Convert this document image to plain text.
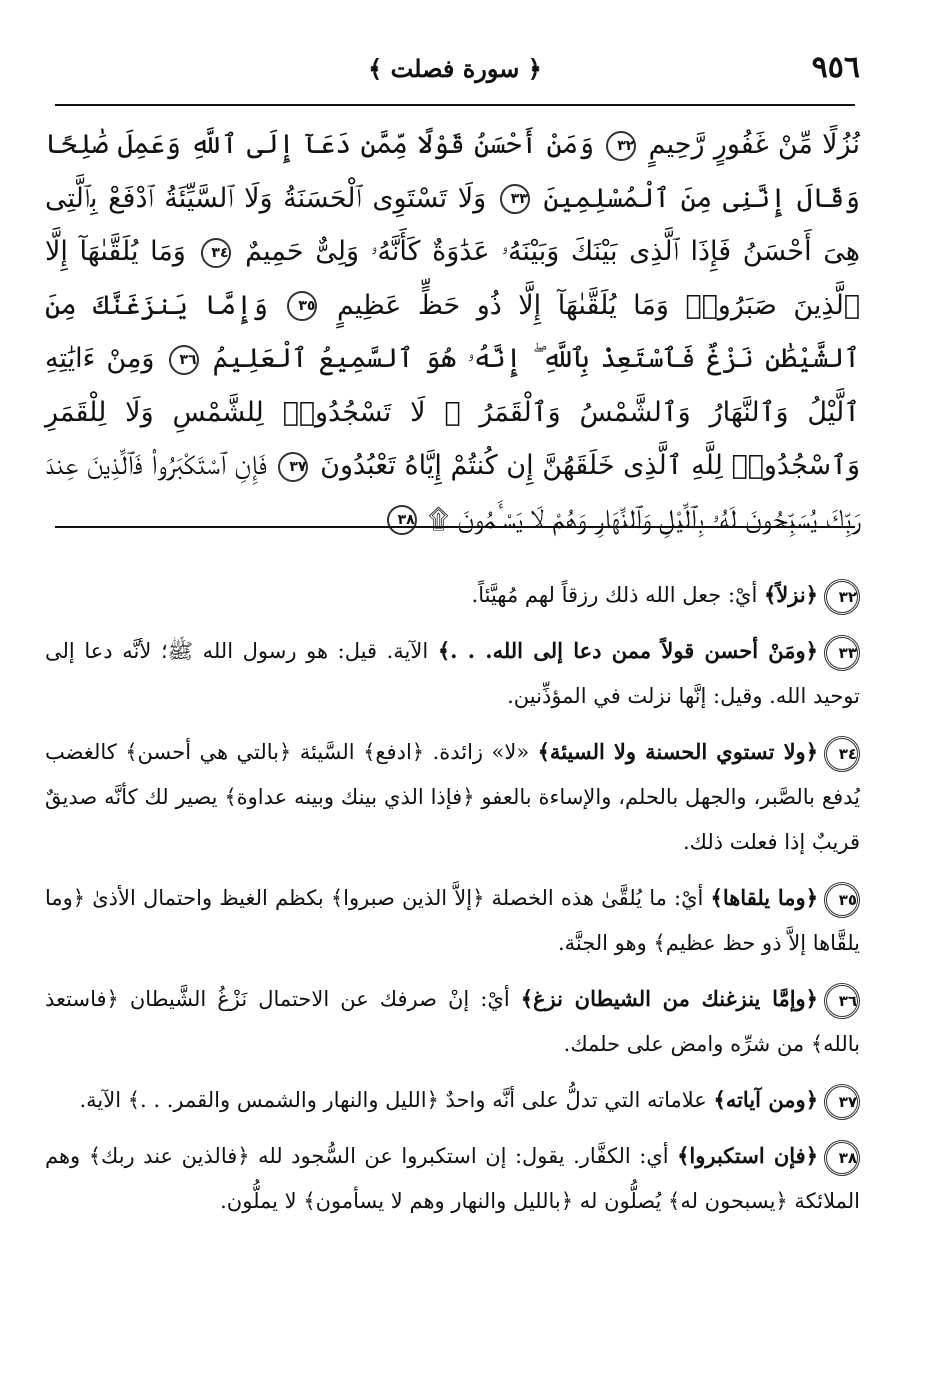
٩٥٦
﴿ سورة فصلت ﴾
نُزُلًا مِّنْ غَفُورٍ رَّحِيمٍ ٣٢ وَمَنْ أَحْسَنُ قَوْلًا مِّمَّن دَعَآ إِلَى ٱللَّهِ وَعَمِلَ صَٰلِحًا وَقَالَ إِنَّنِى مِنَ ٱلْمُسْلِمِينَ ٣٣ وَلَا تَسْتَوِى ٱلْحَسَنَةُ وَلَا ٱلسَّيِّئَةُ ٱدْفَعْ بِٱلَّتِى هِىَ أَحْسَنُ فَإِذَا ٱلَّذِى بَيْنَكَ وَبَيْنَهُۥ عَدَٰوَةٌ كَأَنَّهُۥ وَلِىٌّ حَمِيمٌ ٣٤ وَمَا يُلَقَّىٰهَآ إِلَّا ٱلَّذِينَ صَبَرُوا۟ وَمَا يُلَقَّىٰهَآ إِلَّا ذُو حَظٍّ عَظِيمٍ ٣٥ وَإِمَّا يَنزَغَنَّكَ مِنَ ٱلشَّيْطَٰنِ نَزْغٌ فَٱسْتَعِذْ بِٱللَّهِ ۖ إِنَّهُۥ هُوَ ٱلسَّمِيعُ ٱلْعَلِيمُ ٣٦ وَمِنْ ءَايَٰتِهِ ٱلَّيْلُ وَٱلنَّهَارُ وَٱلشَّمْسُ وَٱلْقَمَرُ ۚ لَا تَسْجُدُوا۟ لِلشَّمْسِ وَلَا لِلْقَمَرِ وَٱسْجُدُوا۟ لِلَّهِ ٱلَّذِى خَلَقَهُنَّ إِن كُنتُمْ إِيَّاهُ تَعْبُدُونَ ٣٧ فَإِنِ ٱسْتَكْبَرُوا۟ فَٱلَّذِينَ عِندَ رَبِّكَ يُسَبِّحُونَ لَهُۥ بِٱلَّيْلِ وَٱلنَّهَارِ وَهُمْ لَا يَسْـَٔمُونَ ۩ ٣٨

٣٢﴿نزلاً﴾ أيْ: جعل الله ذلك رزقاً لهم مُهيَّئاً.

٣٣﴿ومَنْ أحسن قولاً ممن دعا إلى الله. . .﴾ الآية. قيل: هو رسول الله ﷺ؛ لأنَّه دعا إلى توحيد الله. وقيل: إنَّها نزلت في المؤذِّنين.

٣٤﴿ولا تستوي الحسنة ولا السيئة﴾ «لا» زائدة. ﴿ادفع﴾ السَّيئة ﴿بالتي هي أحسن﴾ كالغضب يُدفع بالصَّبر، والجهل بالحلم، والإساءة بالعفو ﴿فإذا الذي بينك وبينه عداوة﴾ يصير لك كأنَّه صديقٌ قريبٌ إذا فعلت ذلك.

٣٥﴿وما يلقاها﴾ أيْ: ما يُلقَّىٰ هذه الخصلة ﴿إلاَّ الذين صبروا﴾ بكظم الغيظ واحتمال الأذىٰ ﴿وما يلقَّاها إلاَّ ذو حظ عظيم﴾ وهو الجنَّة.

٣٦﴿وإمَّا ينزغنك من الشيطان نزغ﴾ أيْ: إنْ صرفك عن الاحتمال نَزْغُ الشَّيطان ﴿فاستعذ بالله﴾ من شرِّه وامض على حلمك.

٣٧﴿ومن آياته﴾ علاماته التي تدلُّ على أنَّه واحدٌ ﴿الليل والنهار والشمس والقمر. . .﴾ الآية.

٣٨﴿فإن استكبروا﴾ أي: الكفَّار. يقول: إن استكبروا عن السُّجود لله ﴿فالذين عند ربك﴾ وهم الملائكة ﴿يسبحون له﴾ يُصلُّون له ﴿بالليل والنهار وهم لا يسأمون﴾ لا يملُّون.
